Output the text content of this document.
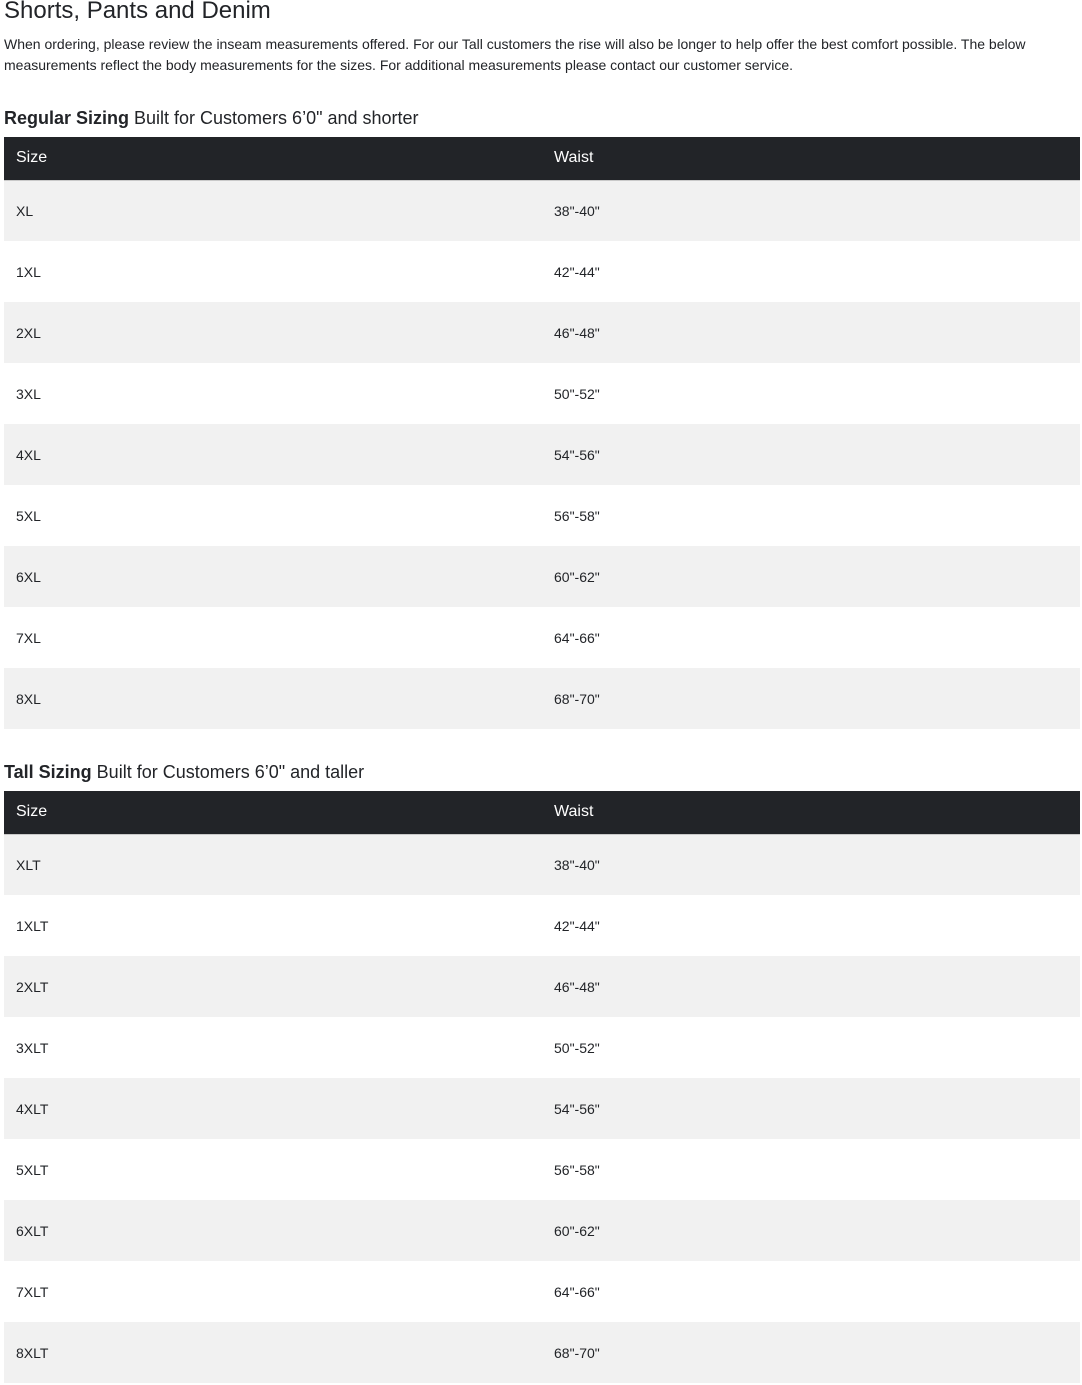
Shorts, Pants and Denim

When ordering, please review the inseam measurements offered. For our Tall customers the rise will also be longer to help offer the best comfort possible. The below measurements reflect the body measurements for the sizes. For additional measurements please contact our customer service.

Regular Sizing Built for Customers 6’0" and shorter
Size	Waist
XL	38"-40"
1XL	42"-44"
2XL	46"-48"
3XL	50"-52"
4XL	54"-56"
5XL	56"-58"
6XL	60"-62"
7XL	64"-66"
8XL	68"-70"
Tall Sizing Built for Customers 6’0" and taller
Size	Waist
XLT	38"-40"
1XLT	42"-44"
2XLT	46"-48"
3XLT	50"-52"
4XLT	54"-56"
5XLT	56"-58"
6XLT	60"-62"
7XLT	64"-66"
8XLT	68"-70"
